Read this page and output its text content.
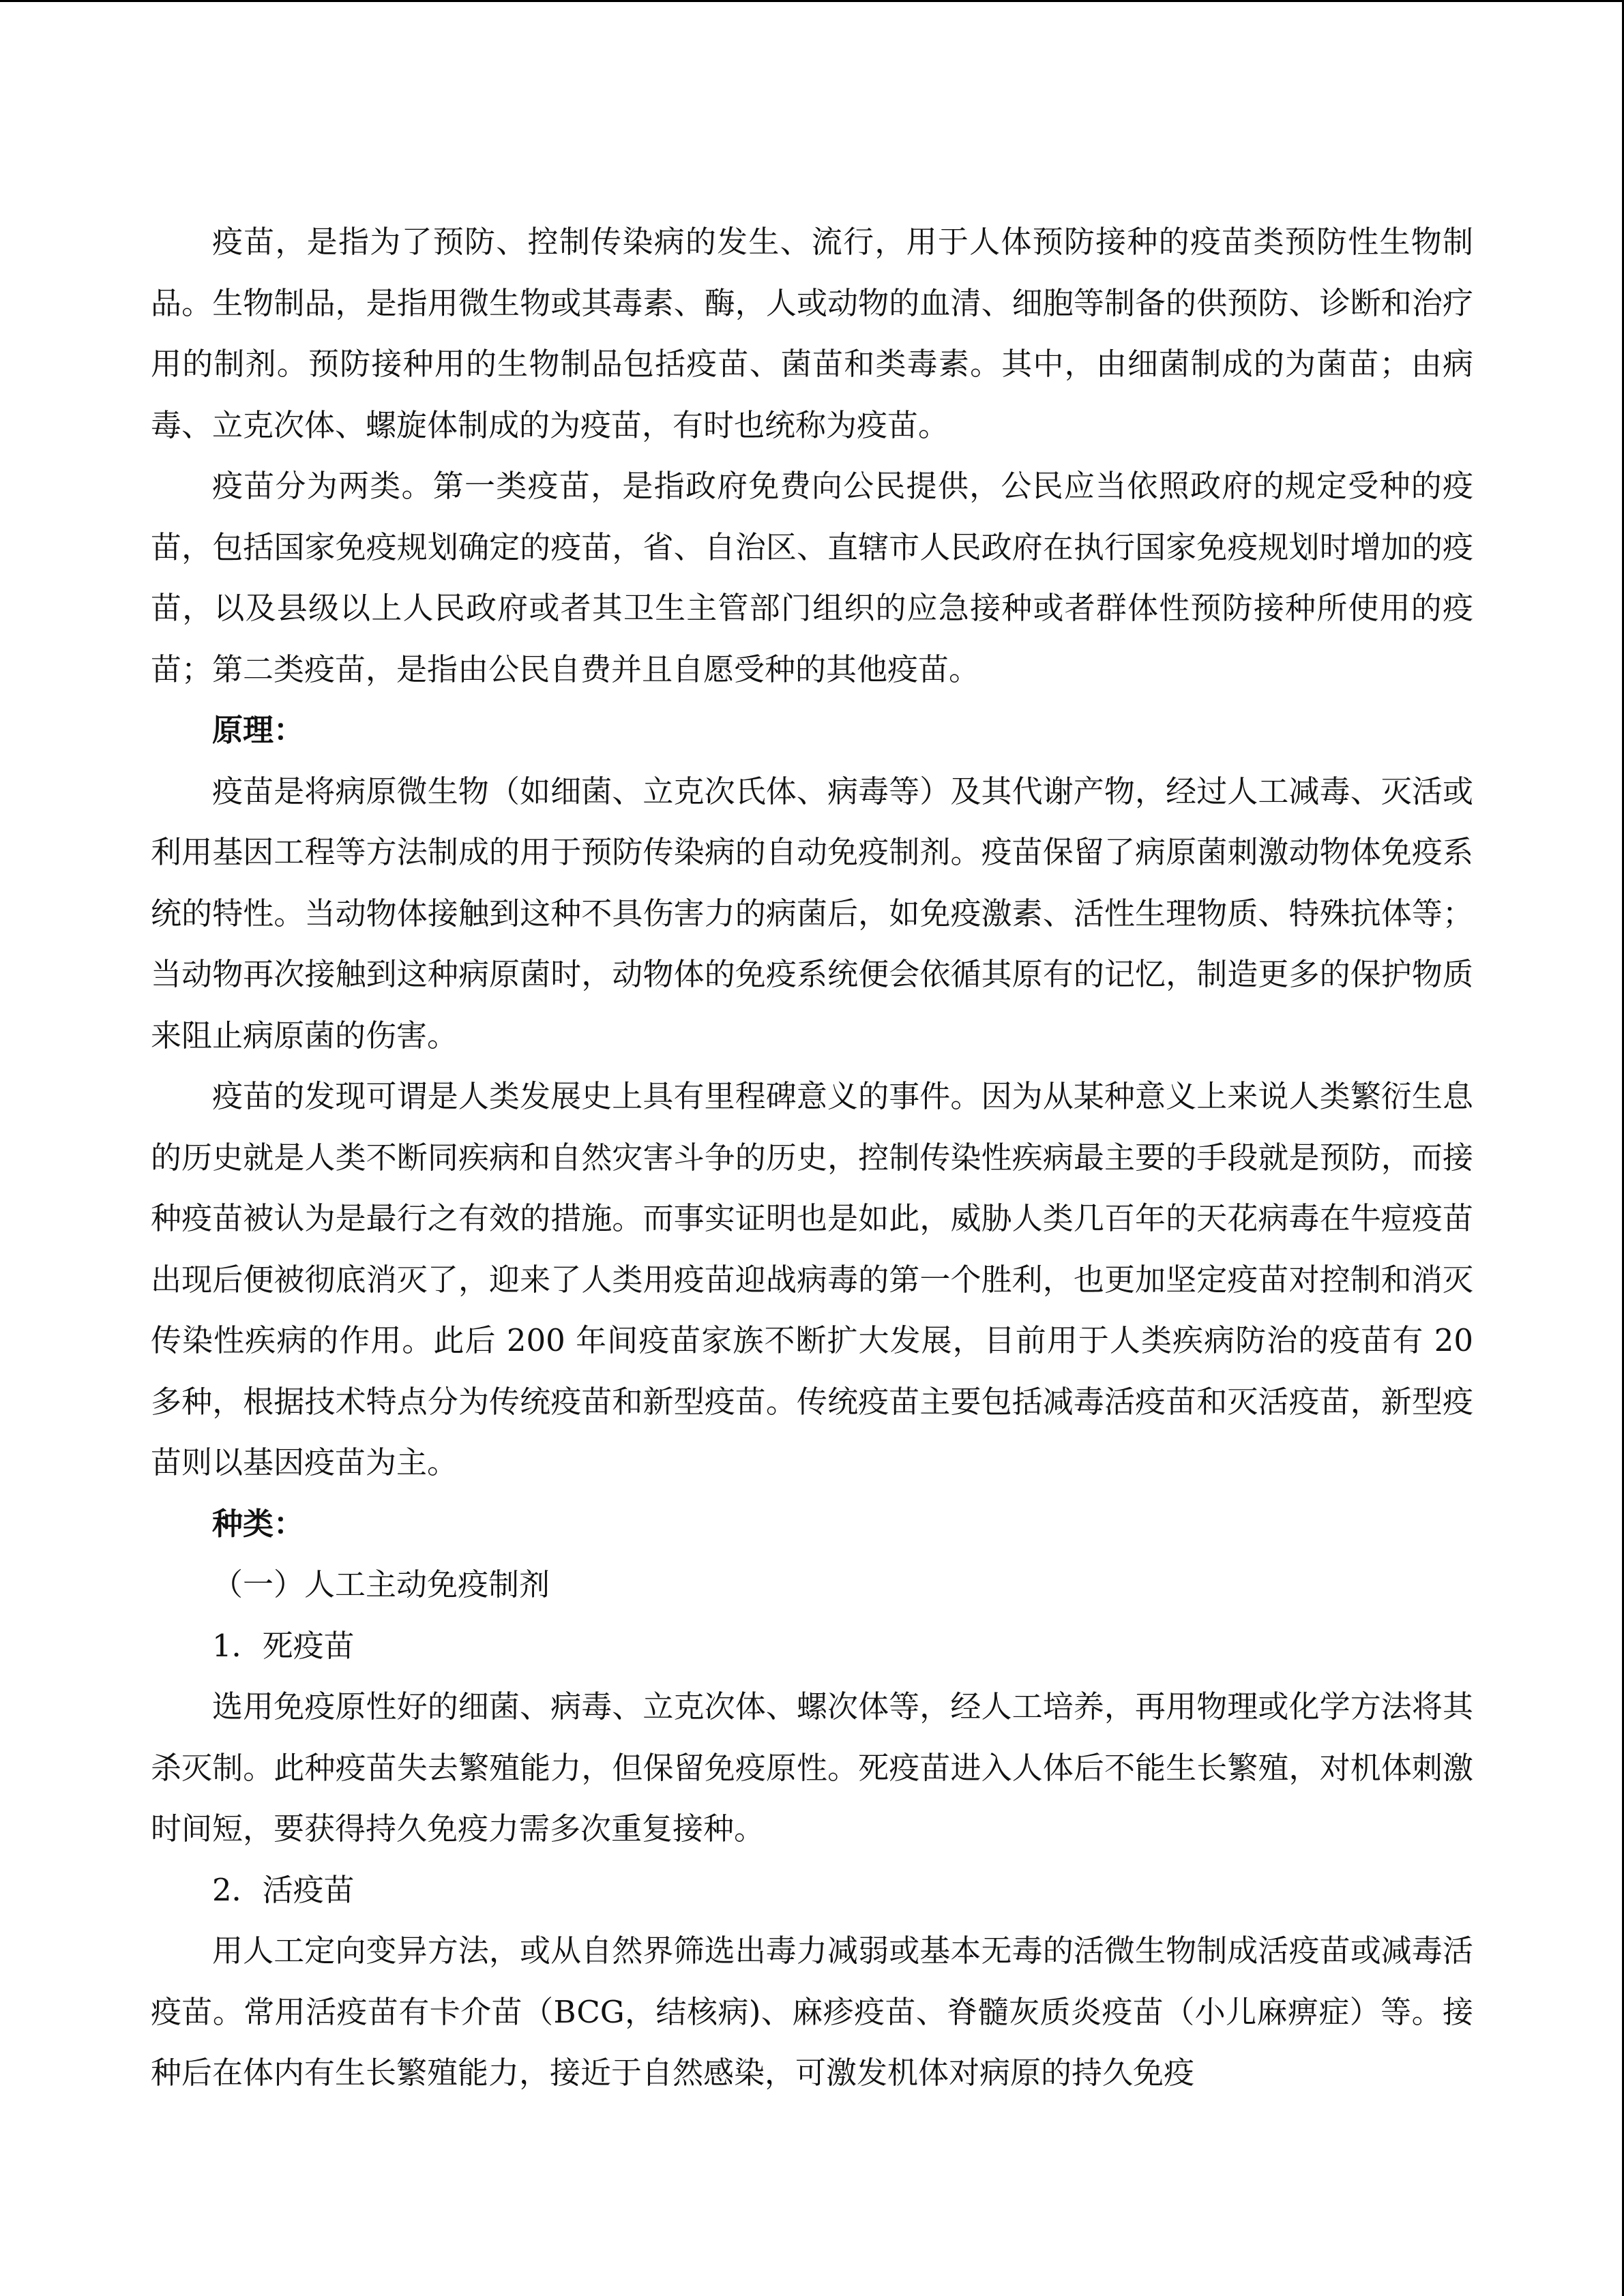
疫苗，是指为了预防、控制传染病的发生、流行，用于人体预防接种的疫苗类预防性生物制品。生物制品，是指用微生物或其毒素、酶，人或动物的血清、细胞等制备的供预防、诊断和治疗用的制剂。预防接种用的生物制品包括疫苗、菌苗和类毒素。其中，由细菌制成的为菌苗；由病毒、立克次体、螺旋体制成的为疫苗，有时也统称为疫苗。

疫苗分为两类。第一类疫苗，是指政府免费向公民提供，公民应当依照政府的规定受种的疫苗，包括国家免疫规划确定的疫苗，省、自治区、直辖市人民政府在执行国家免疫规划时增加的疫苗，以及县级以上人民政府或者其卫生主管部门组织的应急接种或者群体性预防接种所使用的疫苗；第二类疫苗，是指由公民自费并且自愿受种的其他疫苗。

原理：

疫苗是将病原微生物（如细菌、立克次氏体、病毒等）及其代谢产物，经过人工减毒、灭活或利用基因工程等方法制成的用于预防传染病的自动免疫制剂。疫苗保留了病原菌刺激动物体免疫系统的特性。当动物体接触到这种不具伤害力的病菌后，如免疫激素、活性生理物质、特殊抗体等；当动物再次接触到这种病原菌时，动物体的免疫系统便会依循其原有的记忆，制造更多的保护物质来阻止病原菌的伤害。

疫苗的发现可谓是人类发展史上具有里程碑意义的事件。因为从某种意义上来说人类繁衍生息的历史就是人类不断同疾病和自然灾害斗争的历史，控制传染性疾病最主要的手段就是预防，而接种疫苗被认为是最行之有效的措施。而事实证明也是如此，威胁人类几百年的天花病毒在牛痘疫苗出现后便被彻底消灭了，迎来了人类用疫苗迎战病毒的第一个胜利，也更加坚定疫苗对控制和消灭传染性疾病的作用。此后 200 年间疫苗家族不断扩大发展，目前用于人类疾病防治的疫苗有 20 多种，根据技术特点分为传统疫苗和新型疫苗。传统疫苗主要包括减毒活疫苗和灭活疫苗，新型疫苗则以基因疫苗为主。

种类：

（一）人工主动免疫制剂

1．死疫苗

选用免疫原性好的细菌、病毒、立克次体、螺次体等，经人工培养，再用物理或化学方法将其杀灭制。此种疫苗失去繁殖能力，但保留免疫原性。死疫苗进入人体后不能生长繁殖，对机体刺激时间短，要获得持久免疫力需多次重复接种。

2．活疫苗

用人工定向变异方法，或从自然界筛选出毒力减弱或基本无毒的活微生物制成活疫苗或减毒活疫苗。常用活疫苗有卡介苗（BCG，结核病)、麻疹疫苗、脊髓灰质炎疫苗（小儿麻痹症）等。接种后在体内有生长繁殖能力，接近于自然感染，可激发机体对病原的持久免疫
